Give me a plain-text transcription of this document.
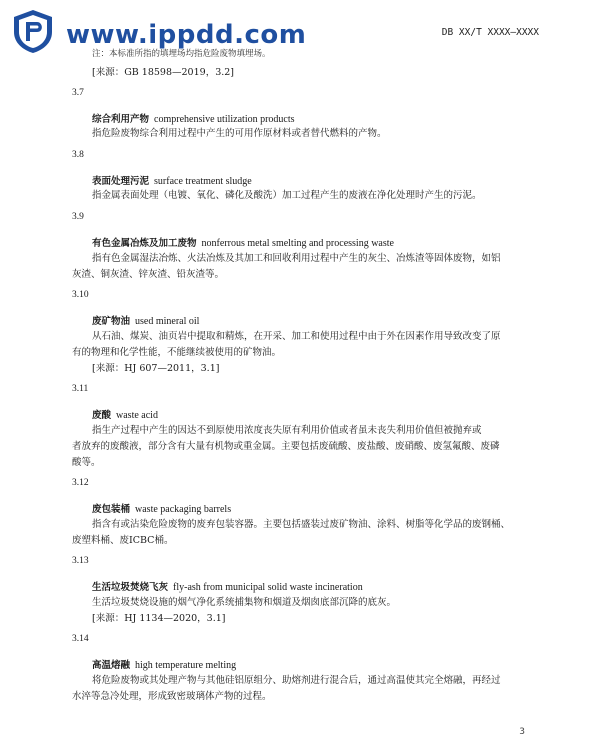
www.ippdd.com	DB XX/T XXXX—XXXX
注：本标准所指的填埋场均指危险废物填埋场。
[来源：GB 18598—2019，3.2]
3.7
综合利用产物 comprehensive utilization products
指危险废物综合利用过程中产生的可用作原材料或者替代燃料的产物。
3.8
表面处理污泥 surface treatment sludge
指金属表面处理（电镀、氧化、磷化及酸洗）加工过程产生的废液在净化处理时产生的污泥。
3.9
有色金属冶炼及加工废物 nonferrous metal smelting and processing waste
指有色金属湿法冶炼、火法冶炼及其加工和回收利用过程中产生的灰尘、冶炼渣等固体废物，如铝
灰渣、铜灰渣、锌灰渣、铅灰渣等。
3.10
废矿物油 used mineral oil
从石油、煤炭、油页岩中提取和精炼，在开采、加工和使用过程中由于外在因素作用导致改变了原
有的物理和化学性能，不能继续被使用的矿物油。
[来源：HJ 607—2011，3.1]
3.11
废酸 waste acid
指生产过程中产生的因达不到原使用浓度丧失原有利用价值或者虽未丧失利用价值但被抛弃或
者放弃的废酸液，部分含有大量有机物或重金属。主要包括废硫酸、废盐酸、废硝酸、废氢氟酸、废磷
酸等。
3.12
废包装桶 waste packaging barrels
指含有或沾染危险废物的废弃包装容器。主要包括盛装过废矿物油、涂料、树脂等化学品的废钢桶、
废塑料桶、废ICBC桶。
3.13
生活垃圾焚烧飞灰 fly-ash from municipal solid waste incineration
生活垃圾焚烧设施的烟气净化系统捕集物和烟道及烟囱底部沉降的底灰。
[来源：HJ 1134—2020，3.1]
3.14
高温熔融 high temperature melting
将危险废物或其处理产物与其他硅铝原组分、助熔剂进行混合后，通过高温使其完全熔融，再经过
水淬等急冷处理，形成致密玻璃体产物的过程。
3
